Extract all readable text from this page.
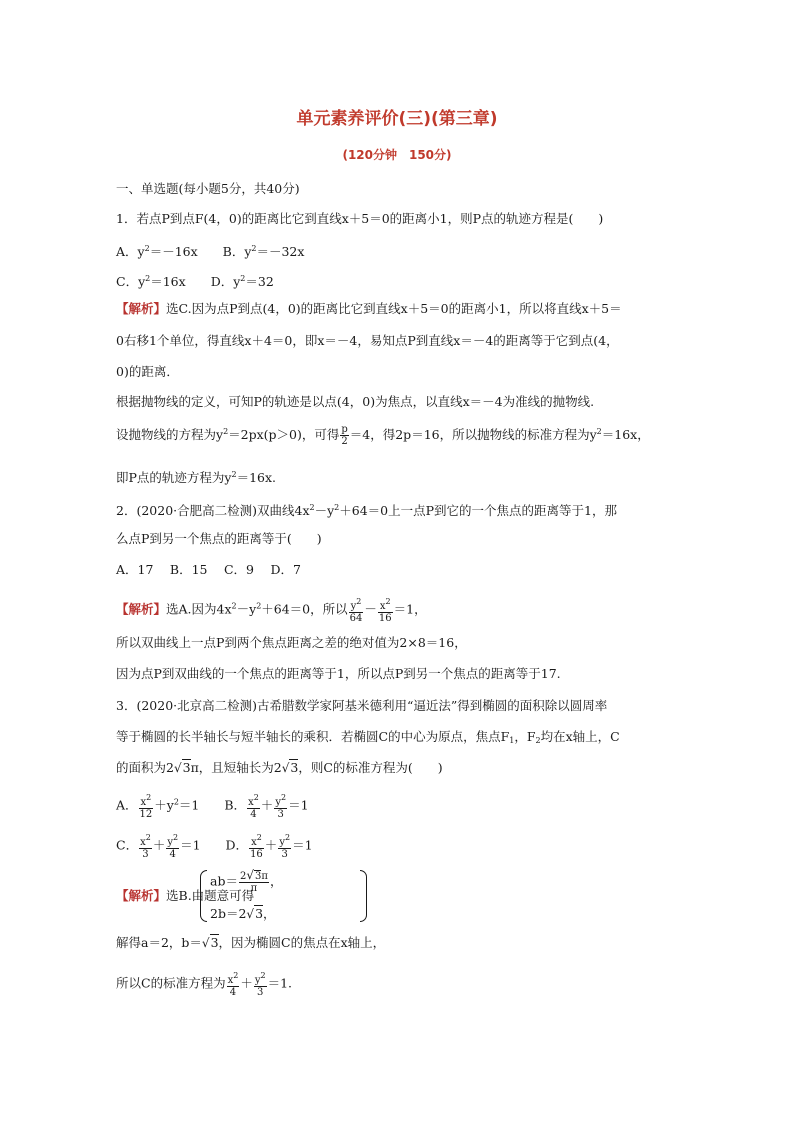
单元素养评价(三)(第三章)
(120分钟　150分)
一、单选题(每小题5分，共40分)
1．若点P到点F(4，0)的距离比它到直线x＋5＝0的距离小1，则P点的轨迹方程是(　　)
A．$y^2=-16x$　　B．$y^2=-32x$
C．$y^2=16x$　　D．$y^2=32$
【解析】选C.因为点P到点(4，0)的距离比它到直线x＋5＝0的距离小1，所以将直线x＋5＝
0右移1个单位，得直线x＋4＝0，即x＝－4，易知点P到直线x＝－4的距离等于它到点(4，
0)的距离．
根据抛物线的定义，可知P的轨迹是以点(4，0)为焦点，以直线x＝－4为准线的抛物线.
设抛物线的方程为$y^2=2px(p>0)$，可得 $\frac{p}{2} =4$，得2p＝16，所以抛物线的标准方程为$y^2=16x$，
即P点的轨迹方程为$y^2=16x$.
2．(2020·合肥高二检测)双曲线$4x^2-y^2+64=0$上一点P到它的一个焦点的距离等于1，那
么点P到另一个焦点的距离等于(　　)
A．17　 B．15　 C．9　 D．7
【解析】选A.因为$4x^2-y^2+64=0$，所以 $\frac{y^2}{64} - \frac{x^2}{16} =1$，
所以双曲线上一点P到两个焦点距离之差的绝对值为2×8＝16，
因为点P到双曲线的一个焦点的距离等于1，所以点P到另一个焦点的距离等于17.
3．(2020·北京高二检测)古希腊数学家阿基米德利用“逼近法”得到椭圆的面积除以圆周率
等于椭圆的长半轴长与短半轴长的乘积．若椭圆C的中心为原点，焦点F1，F2均在x轴上，C
的面积为2√3π，且短轴长为2√3，则C的标准方程为(　　)
A． $\frac{x^2}{12} +y^2=1$　　B． $\frac{x^2}{4} + \frac{y^2}{3} =1$
C． $\frac{x^2}{3} + \frac{y^2}{4} =1$　　D． $\frac{x^2}{16} + \frac{y^2}{3} =1$
【解析】选B.由题意可得
$ab= \frac{2√3\pi}{\pi}$ ，
2b＝2√3，
解得a＝2，b＝√3，因为椭圆C的焦点在x轴上，
所以C的标准方程为 $\frac{x^2}{4} + \frac{y^2}{3} =1$.
